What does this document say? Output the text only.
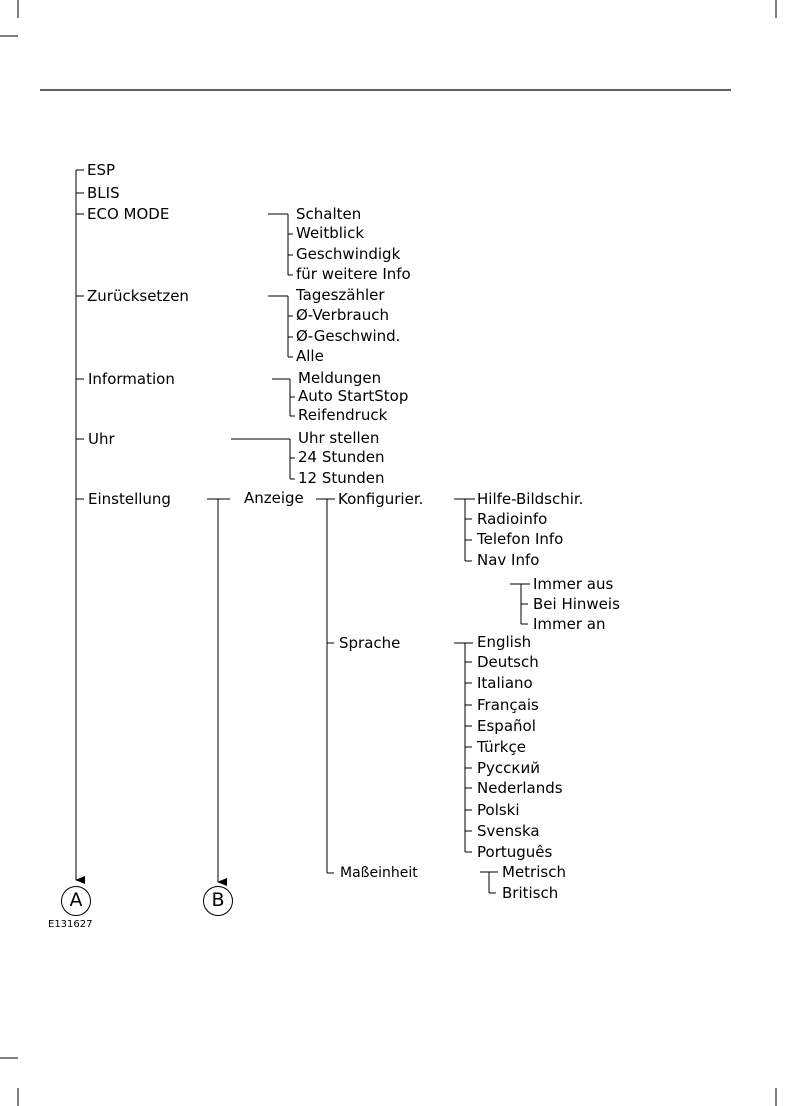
ESP
BLIS
ECO MODE
Zurücksetzen
Information
Uhr
Einstellung
Schalten
Weitblick
Geschwindigk
für weitere Info
Tageszähler
Ø-Verbrauch
Ø-Geschwind.
Alle
Meldungen
Auto StartStop
Reifendruck
Uhr stellen
24 Stunden
12 Stunden
Anzeige Konfigurier.	Hilfe-Bildschir.
Radioinfo
Telefon Info
Nav Info
Immer aus
Bei Hinweis
Immer an
Sprache	English
Deutsch
Italiano
Français
Español
Türkçe
Русский
Nederlands
Polski
Svenska
Português
Maßeinheit	Metrisch
Britisch
A	B
E131627
